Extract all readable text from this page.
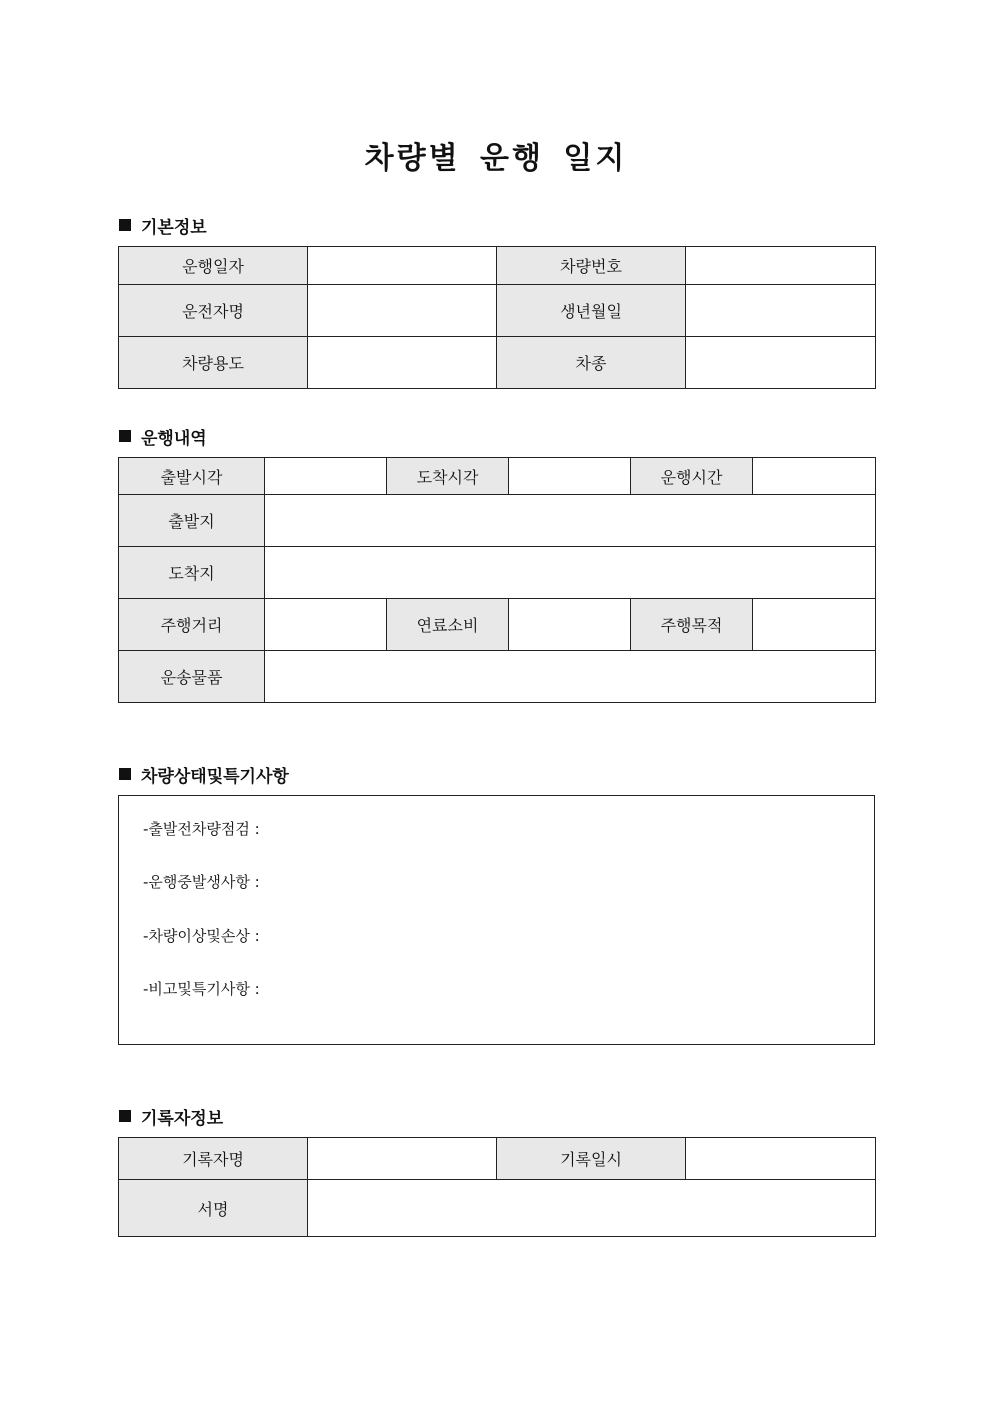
차량별 운행 일지
기본정보
운행일자		차량번호	
운전자명		생년월일	
차량용도		차종	
운행내역
출발시각		도착시각		운행시간	
출발지					
도착지					
주행거리		연료소비		주행목적	
운송물품					
차량상태및특기사항
-출발전차량점검 :
-운행중발생사항 :
-차량이상및손상 :
-비고및특기사항 :
기록자정보
기록자명		기록일시	
서명			
